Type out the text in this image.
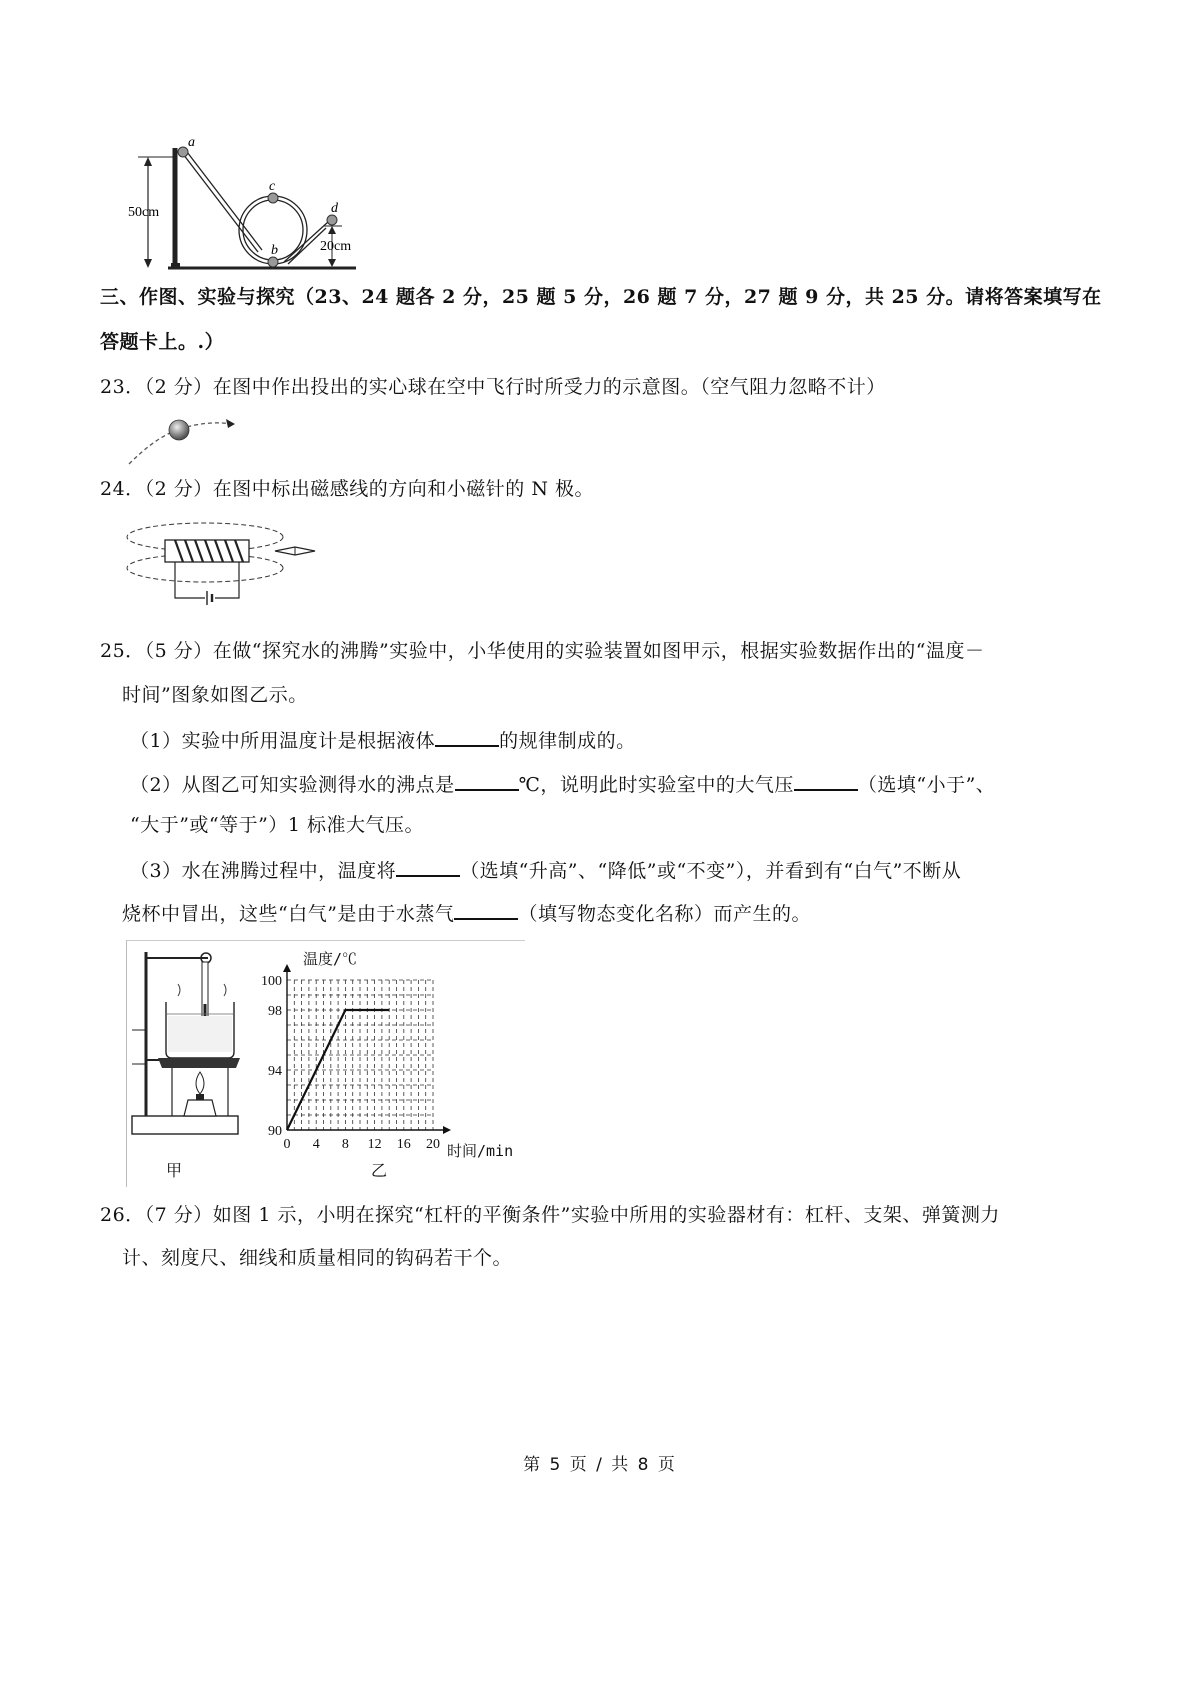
a
c
b
d
50cm
20cm
三、作图、实验与探究（23、24 题各 2 分，25 题 5 分，26 题 7 分，27 题 9 分，共 25 分。请将答案填写在
答题卡上。.）
23．（2 分）在图中作出投出的实心球在空中飞行时所受力的示意图。（空气阻力忽略不计）
24．（2 分）在图中标出磁感线的方向和小磁针的 N 极。
25．（5 分）在做“探究水的沸腾”实验中，小华使用的实验装置如图甲示，根据实验数据作出的“温度－
时间”图象如图乙示。
（1）实验中所用温度计是根据液体	的规律制成的。
（2）从图乙可知实验测得水的沸点是	℃，说明此时实验室中的大气压	（选填“小于”、
“大于”或“等于”）1 标准大气压。
（3）水在沸腾过程中，温度将	（选填“升高”、“降低”或“不变”），并看到有“白气”不断从
烧杯中冒出，这些“白气”是由于水蒸气	（填写物态变化名称）而产生的。
甲
0 4 8 12 16 20
90
94
98
100
温度/℃
时间/min
乙
26．（7 分）如图 1 示，小明在探究“杠杆的平衡条件”实验中所用的实验器材有：杠杆、支架、弹簧测力
计、刻度尺、细线和质量相同的钩码若干个。
第 5 页 / 共 8 页
